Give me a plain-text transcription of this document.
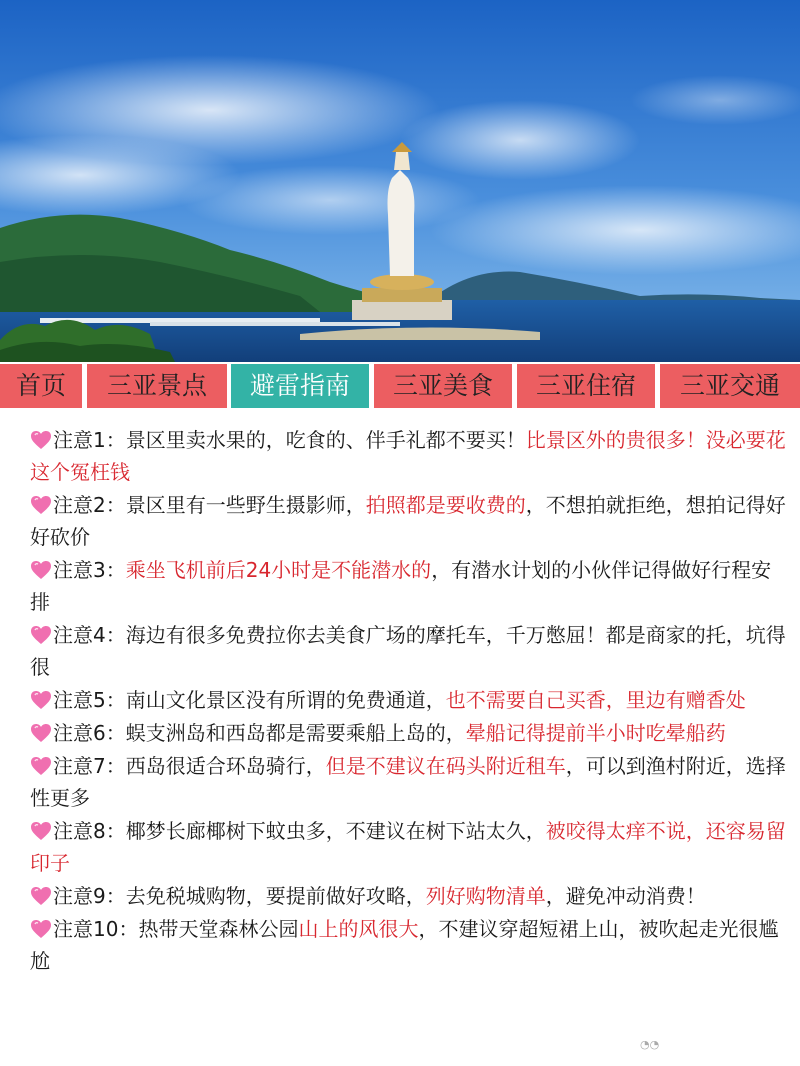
首页	三亚景点	避雷指南	三亚美食	三亚住宿	三亚交通
注意1：景区里卖水果的，吃食的、伴手礼都不要买！比景区外的贵很多！没必要花这个冤枉钱
注意2：景区里有一些野生摄影师，拍照都是要收费的，不想拍就拒绝，想拍记得好好砍价
注意3：乘坐飞机前后24小时是不能潜水的，有潜水计划的小伙伴记得做好行程安排
注意4：海边有很多免费拉你去美食广场的摩托车，千万憋屈！都是商家的托，坑得很
注意5：南山文化景区没有所谓的免费通道，也不需要自己买香，里边有赠香处
注意6：蜈支洲岛和西岛都是需要乘船上岛的，晕船记得提前半小时吃晕船药
注意7：西岛很适合环岛骑行，但是不建议在码头附近租车，可以到渔村附近，选择性更多
注意8：椰梦长廊椰树下蚊虫多，不建议在树下站太久，被咬得太痒不说，还容易留印子
注意9：去免税城购物，要提前做好攻略，列好购物清单，避免冲动消费！
注意10：热带天堂森林公园山上的风很大，不建议穿超短裙上山，被吹起走光很尴尬
◔◔
